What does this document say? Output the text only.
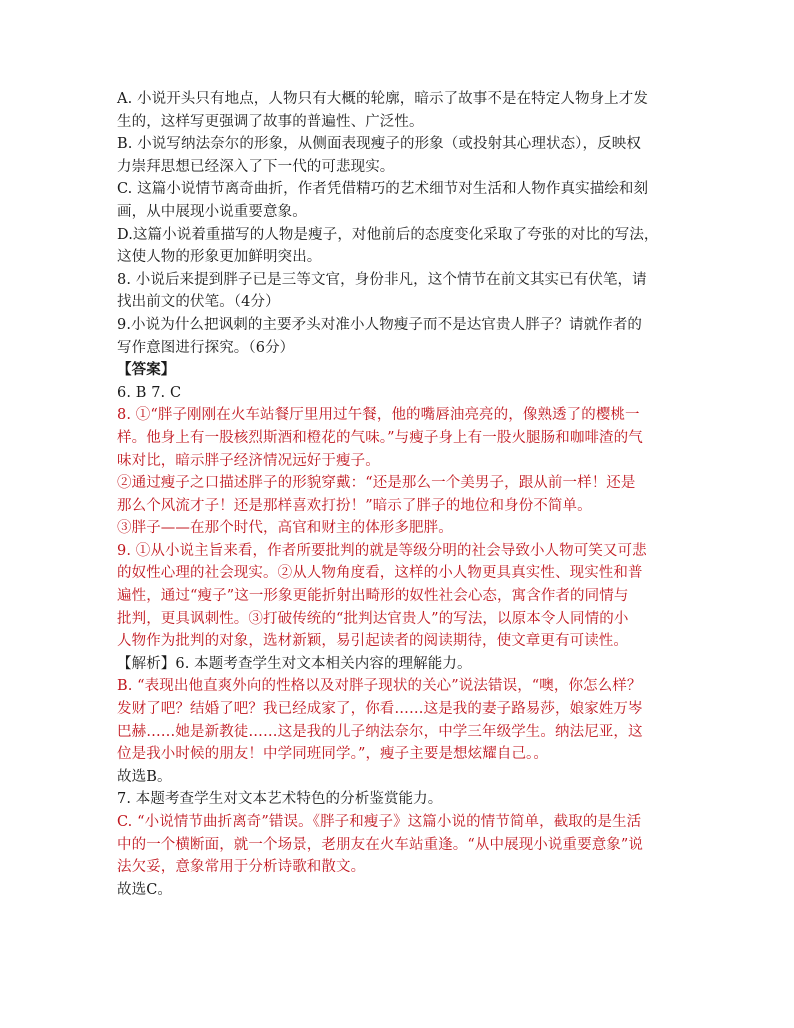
A. 小说开头只有地点，人物只有大概的轮廓，暗示了故事不是在特定人物身上才发
生的，这样写更强调了故事的普遍性、广泛性。
B. 小说写纳法奈尔的形象，从侧面表现瘦子的形象（或投射其心理状态），反映权
力崇拜思想已经深入了下一代的可悲现实。
C. 这篇小说情节离奇曲折，作者凭借精巧的艺术细节对生活和人物作真实描绘和刻
画，从中展现小说重要意象。
D.这篇小说着重描写的人物是瘦子，对他前后的态度变化采取了夸张的对比的写法，
这使人物的形象更加鲜明突出。
8. 小说后来提到胖子已是三等文官，身份非凡，这个情节在前文其实已有伏笔，请
找出前文的伏笔。（4分）
9.小说为什么把讽刺的主要矛头对准小人物瘦子而不是达官贵人胖子？请就作者的
写作意图进行探究。（6分）
【答案】
6. B 7. C
8. ①“胖子刚刚在火车站餐厅里用过午餐，他的嘴唇油亮亮的，像熟透了的樱桃一
样。他身上有一股核烈斯酒和橙花的气味。”与瘦子身上有一股火腿肠和咖啡渣的气
味对比，暗示胖子经济情况远好于瘦子。
②通过瘦子之口描述胖子的形貌穿戴：“还是那么一个美男子，跟从前一样！还是
那么个风流才子！还是那样喜欢打扮！”暗示了胖子的地位和身份不简单。
③胖子——在那个时代，高官和财主的体形多肥胖。
9. ①从小说主旨来看，作者所要批判的就是等级分明的社会导致小人物可笑又可悲
的奴性心理的社会现实。②从人物角度看，这样的小人物更具真实性、现实性和普
遍性，通过“瘦子”这一形象更能折射出畸形的奴性社会心态，寓含作者的同情与
批判，更具讽刺性。③打破传统的“批判达官贵人”的写法，以原本令人同情的小
人物作为批判的对象，选材新颖，易引起读者的阅读期待，使文章更有可读性。
【解析】6. 本题考查学生对文本相关内容的理解能力。
B. “表现出他直爽外向的性格以及对胖子现状的关心”说法错误，“噢，你怎么样？
发财了吧？结婚了吧？我已经成家了，你看……这是我的妻子路易莎，娘家姓万岑
巴赫……她是新教徒……这是我的儿子纳法奈尔，中学三年级学生。纳法尼亚，这
位是我小时候的朋友！中学同班同学。”，瘦子主要是想炫耀自己。。
故选B。
7. 本题考查学生对文本艺术特色的分析鉴赏能力。
C. “小说情节曲折离奇”错误。《胖子和瘦子》这篇小说的情节简单，截取的是生活
中的一个横断面，就一个场景，老朋友在火车站重逢。“从中展现小说重要意象”说
法欠妥，意象常用于分析诗歌和散文。
故选C。
